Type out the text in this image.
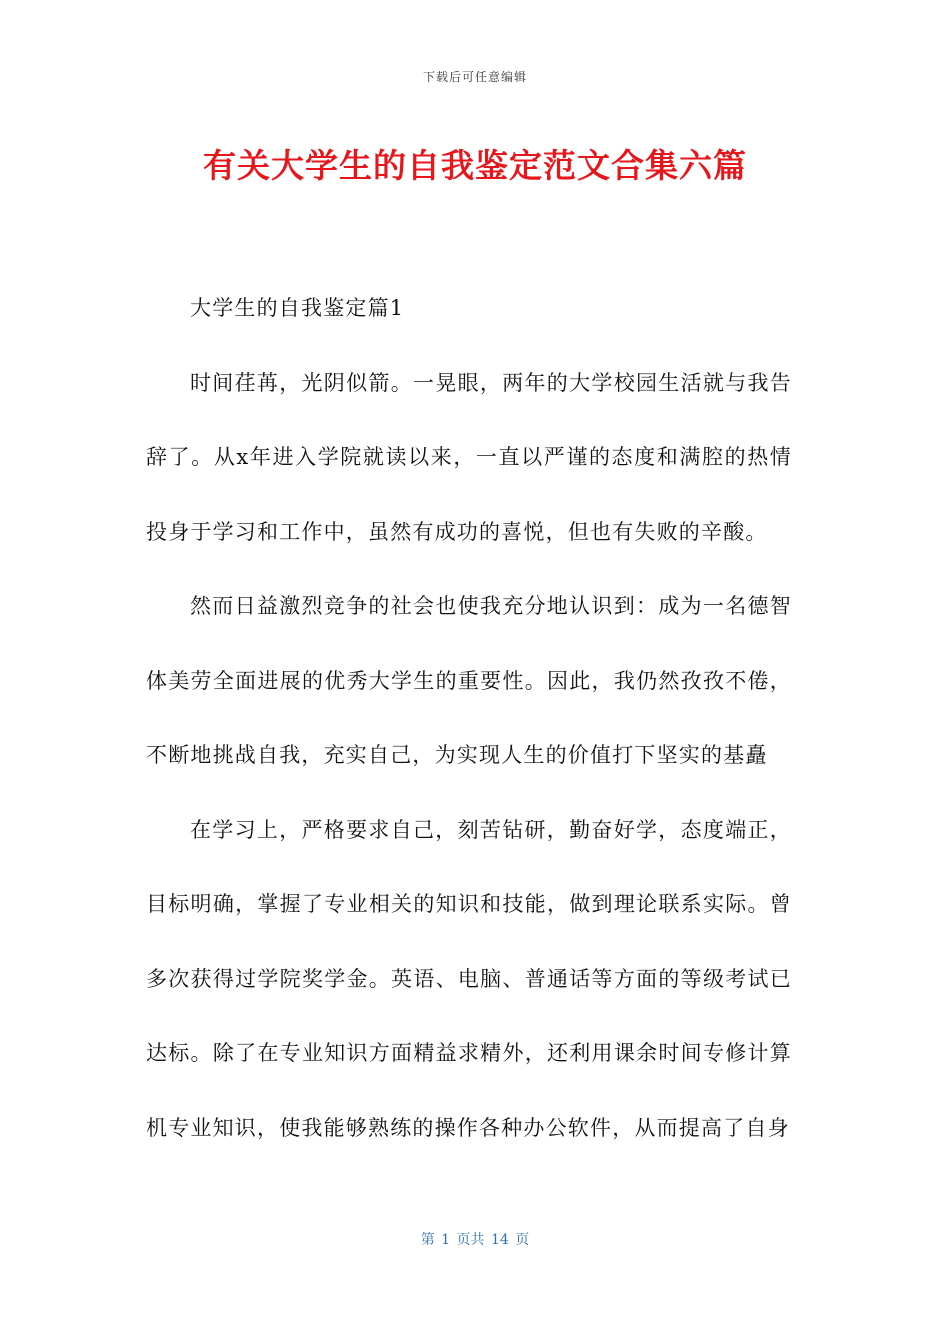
下载后可任意编辑
有关大学生的自我鉴定范文合集六篇

大学生的自我鉴定篇1

时间荏苒，光阴似箭。一晃眼，两年的大学校园生活就与我告辞了。从x年进入学院就读以来，一直以严谨的态度和满腔的热情投身于学习和工作中，虽然有成功的喜悦，但也有失败的辛酸。

然而日益激烈竞争的社会也使我充分地认识到：成为一名德智体美劳全面进展的优秀大学生的重要性。因此，我仍然孜孜不倦，不断地挑战自我，充实自己，为实现人生的价值打下坚实的基矗

在学习上，严格要求自己，刻苦钻研，勤奋好学，态度端正，目标明确，掌握了专业相关的知识和技能，做到理论联系实际。曾多次获得过学院奖学金。英语、电脑、普通话等方面的等级考试已达标。除了在专业知识方面精益求精外，还利用课余时间专修计算机专业知识，使我能够熟练的操作各种办公软件，从而提高了自身

第 1 页共 14 页
